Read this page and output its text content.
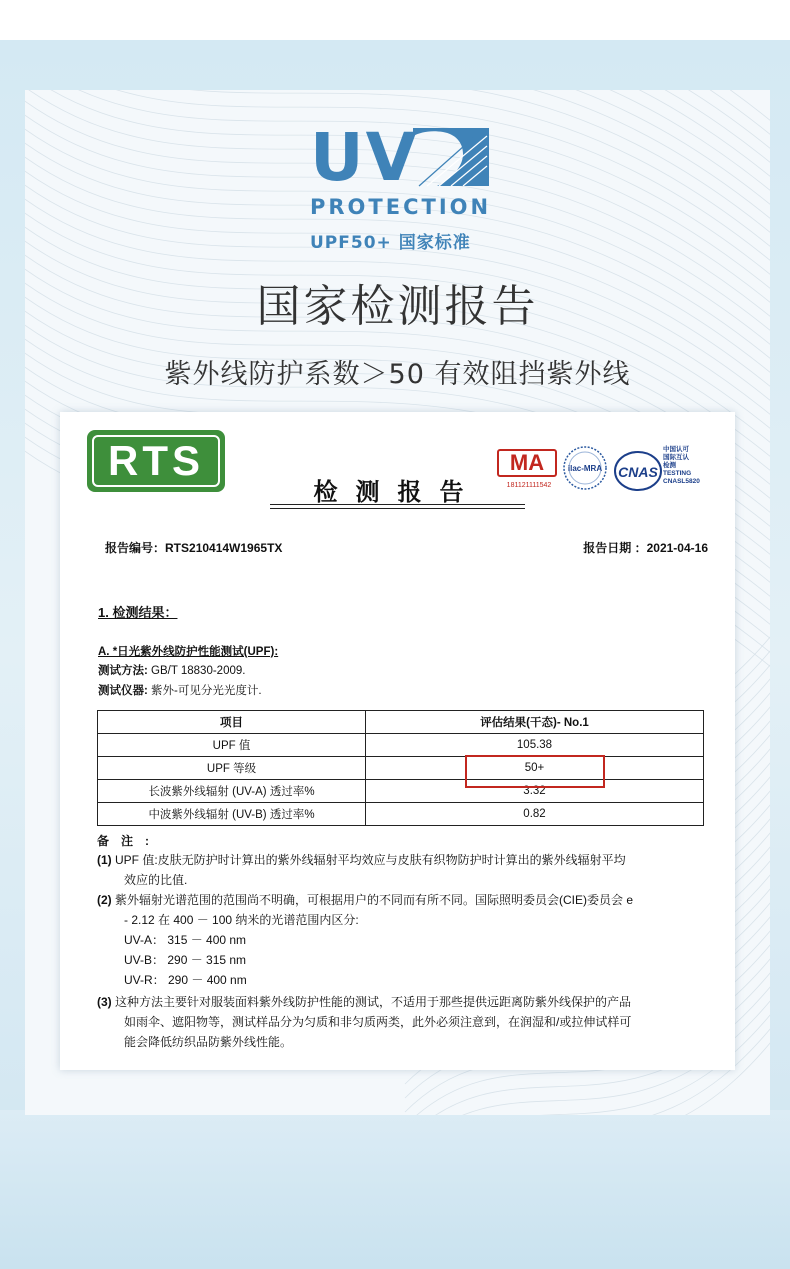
UV
PROTECTION
UPF50+ 国家标准
国家检测报告
紫外线防护系数＞50 有效阻挡紫外线
RTS
检测报告
MA
181121111542
ilac-MRA CNAS
中国认可
国际互认
检测
TESTING
CNASL5820
报告编号：RTS210414W1965TX	报告日期 ：2021-04-16
1. 检测结果：
A. *日光紫外线防护性能测试(UPF):
测试方法: GB/T 18830-2009.
测试仪器: 紫外-可见分光光度计.
项目	评估结果(干态)- No.1
UPF 值	105.38
UPF 等级	50+
长波紫外线辐射 (UV-A) 透过率%	3.32
中波紫外线辐射 (UV-B) 透过率%	0.82
备注:
(1) UPF 值:皮肤无防护时计算出的紫外线辐射平均效应与皮肤有织物防护时计算出的紫外线辐射平均
效应的比值.
(2) 紫外辐射光谱范围的范围尚不明确，可根据用户的不同而有所不同。国际照明委员会(CIE)委员会 e
- 2.12 在 400 － 100 纳米的光谱范围内区分:
UV-A： 315 － 400 nm
UV-B： 290 － 315 nm
UV-R： 290 － 400 nm
(3) 这种方法主要针对服装面料紫外线防护性能的测试，不适用于那些提供远距离防紫外线保护的产品
如雨伞、遮阳物等，测试样品分为匀质和非匀质两类，此外必须注意到，在润湿和/或拉伸试样可
能会降低纺织品防紫外线性能。
